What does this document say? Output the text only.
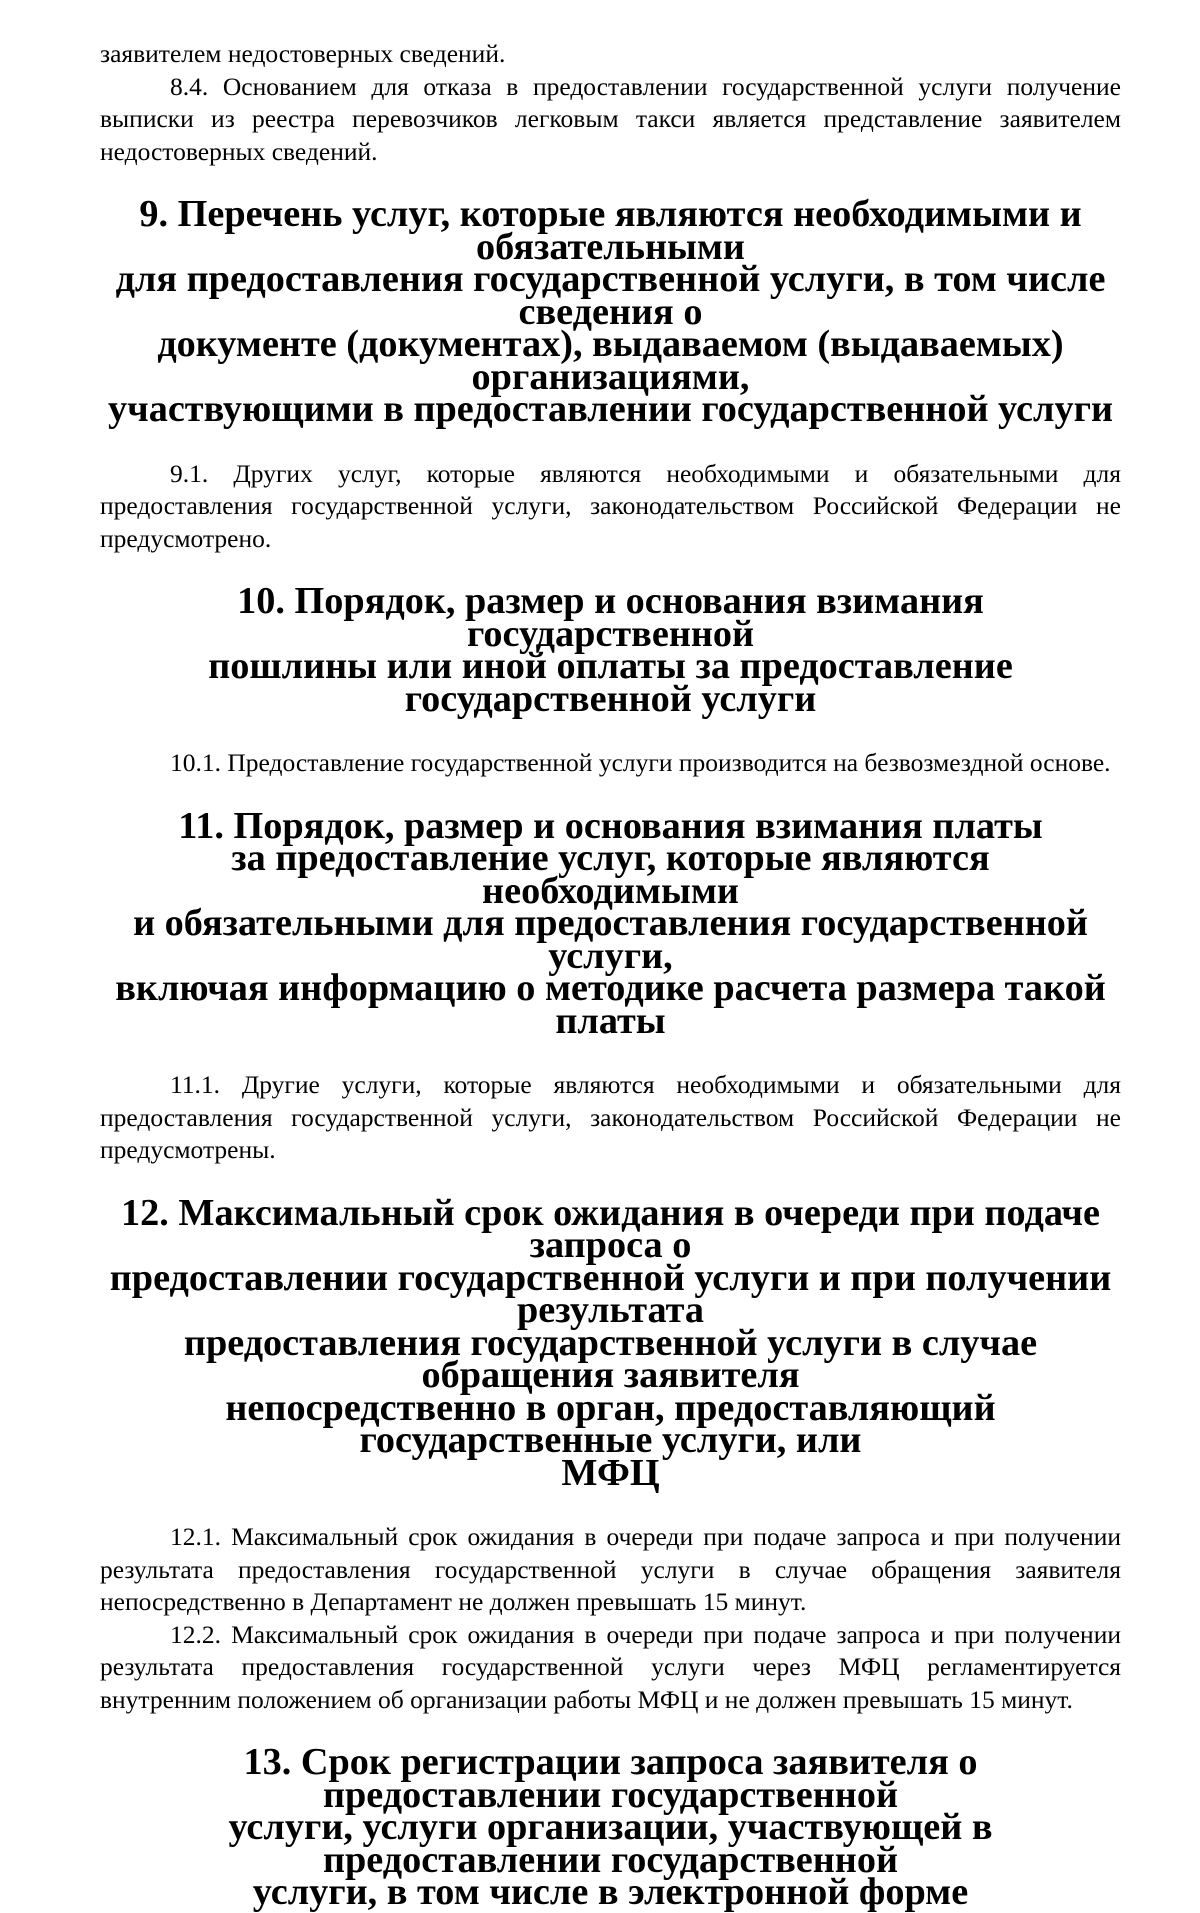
заявителем недостоверных сведений.

8.4. Основанием для отказа в предоставлении государственной услуги получение выписки из реестра перевозчиков легковым такси является представление заявителем недостоверных сведений.

9. Перечень услуг, которые являются необходимыми и обязательными
для предоставления государственной услуги, в том числе сведения о
документе (документах), выдаваемом (выдаваемых) организациями,
участвующими в предоставлении государственной услуги

9.1. Других услуг, которые являются необходимыми и обязательными для предоставления государственной услуги, законодательством Российской Федерации не предусмотрено.

10. Порядок, размер и основания взимания государственной
пошлины или иной оплаты за предоставление
государственной услуги

10.1. Предоставление государственной услуги производится на безвозмездной основе.

11. Порядок, размер и основания взимания платы
за предоставление услуг, которые являются необходимыми
и обязательными для предоставления государственной услуги,
включая информацию о методике расчета размера такой платы

11.1. Другие услуги, которые являются необходимыми и обязательными для предоставления государственной услуги, законодательством Российской Федерации не предусмотрены.

12. Максимальный срок ожидания в очереди при подаче запроса о
предоставлении государственной услуги и при получении результата
предоставления государственной услуги в случае обращения заявителя
непосредственно в орган, предоставляющий государственные услуги, или
МФЦ

12.1. Максимальный срок ожидания в очереди при подаче запроса и при получении результата предоставления государственной услуги в случае обращения заявителя непосредственно в Департамент не должен превышать 15 минут.

12.2. Максимальный срок ожидания в очереди при подаче запроса и при получении результата предоставления государственной услуги через МФЦ регламентируется внутренним положением об организации работы МФЦ и не должен превышать 15 минут.

13. Срок регистрации запроса заявителя о предоставлении государственной
услуги, услуги организации, участвующей в предоставлении государственной
услуги, в том числе в электронной форме
